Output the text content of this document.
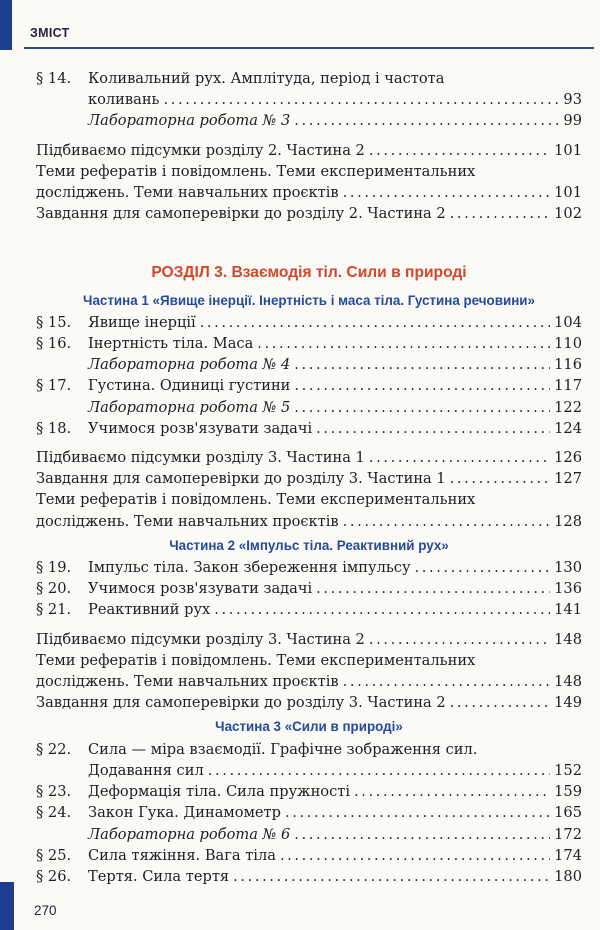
ЗМІСТ
§ 14. Коливальний рух. Амплітуда, період і частота
коливань .....	93
Лабораторна робота № 3 .....	99
Підбиваємо підсумки розділу 2. Частина 2 .....	101
Теми рефератів і повідомлень. Теми експериментальних
досліджень. Теми навчальних проєктів .....	101
Завдання для самоперевірки до розділу 2. Частина 2 .....	102
РОЗДІЛ 3. Взаємодія тіл. Сили в природі
Частина 1 «Явище інерції. Інертність і маса тіла. Густина речовини»
§ 15.	Явище інерції .....	104
§ 16.	Інертність тіла. Маса .....	110
Лабораторна робота № 4 .....	116
§ 17.	Густина. Одиниці густини .....	117
Лабораторна робота № 5 .....	122
§ 18.	Учимося розв'язувати задачі .....	124
Підбиваємо підсумки розділу 3. Частина 1 .....	126
Завдання для самоперевірки до розділу 3. Частина 1 .....	127
Теми рефератів і повідомлень. Теми експериментальних
досліджень. Теми навчальних проєктів .....	128
Частина 2 «Імпульс тіла. Реактивний рух»
§ 19.	Імпульс тіла. Закон збереження імпульсу .....	130
§ 20.	Учимося розв'язувати задачі .....	136
§ 21.	Реактивний рух .....	141
Підбиваємо підсумки розділу 3. Частина 2 .....	148
Теми рефератів і повідомлень. Теми експериментальних
досліджень. Теми навчальних проєктів .....	148
Завдання для самоперевірки до розділу 3. Частина 2 .....	149
Частина 3 «Сили в природі»
§ 22. Сила — міра взаємодії. Графічне зображення сил.
Додавання сил .....	152
§ 23.	Деформація тіла. Сила пружності .....	159
§ 24.	Закон Гука. Динамометр .....	165
Лабораторна робота № 6 .....	172
§ 25.	Сила тяжіння. Вага тіла .....	174
§ 26.	Тертя. Сила тертя .....	180
270
